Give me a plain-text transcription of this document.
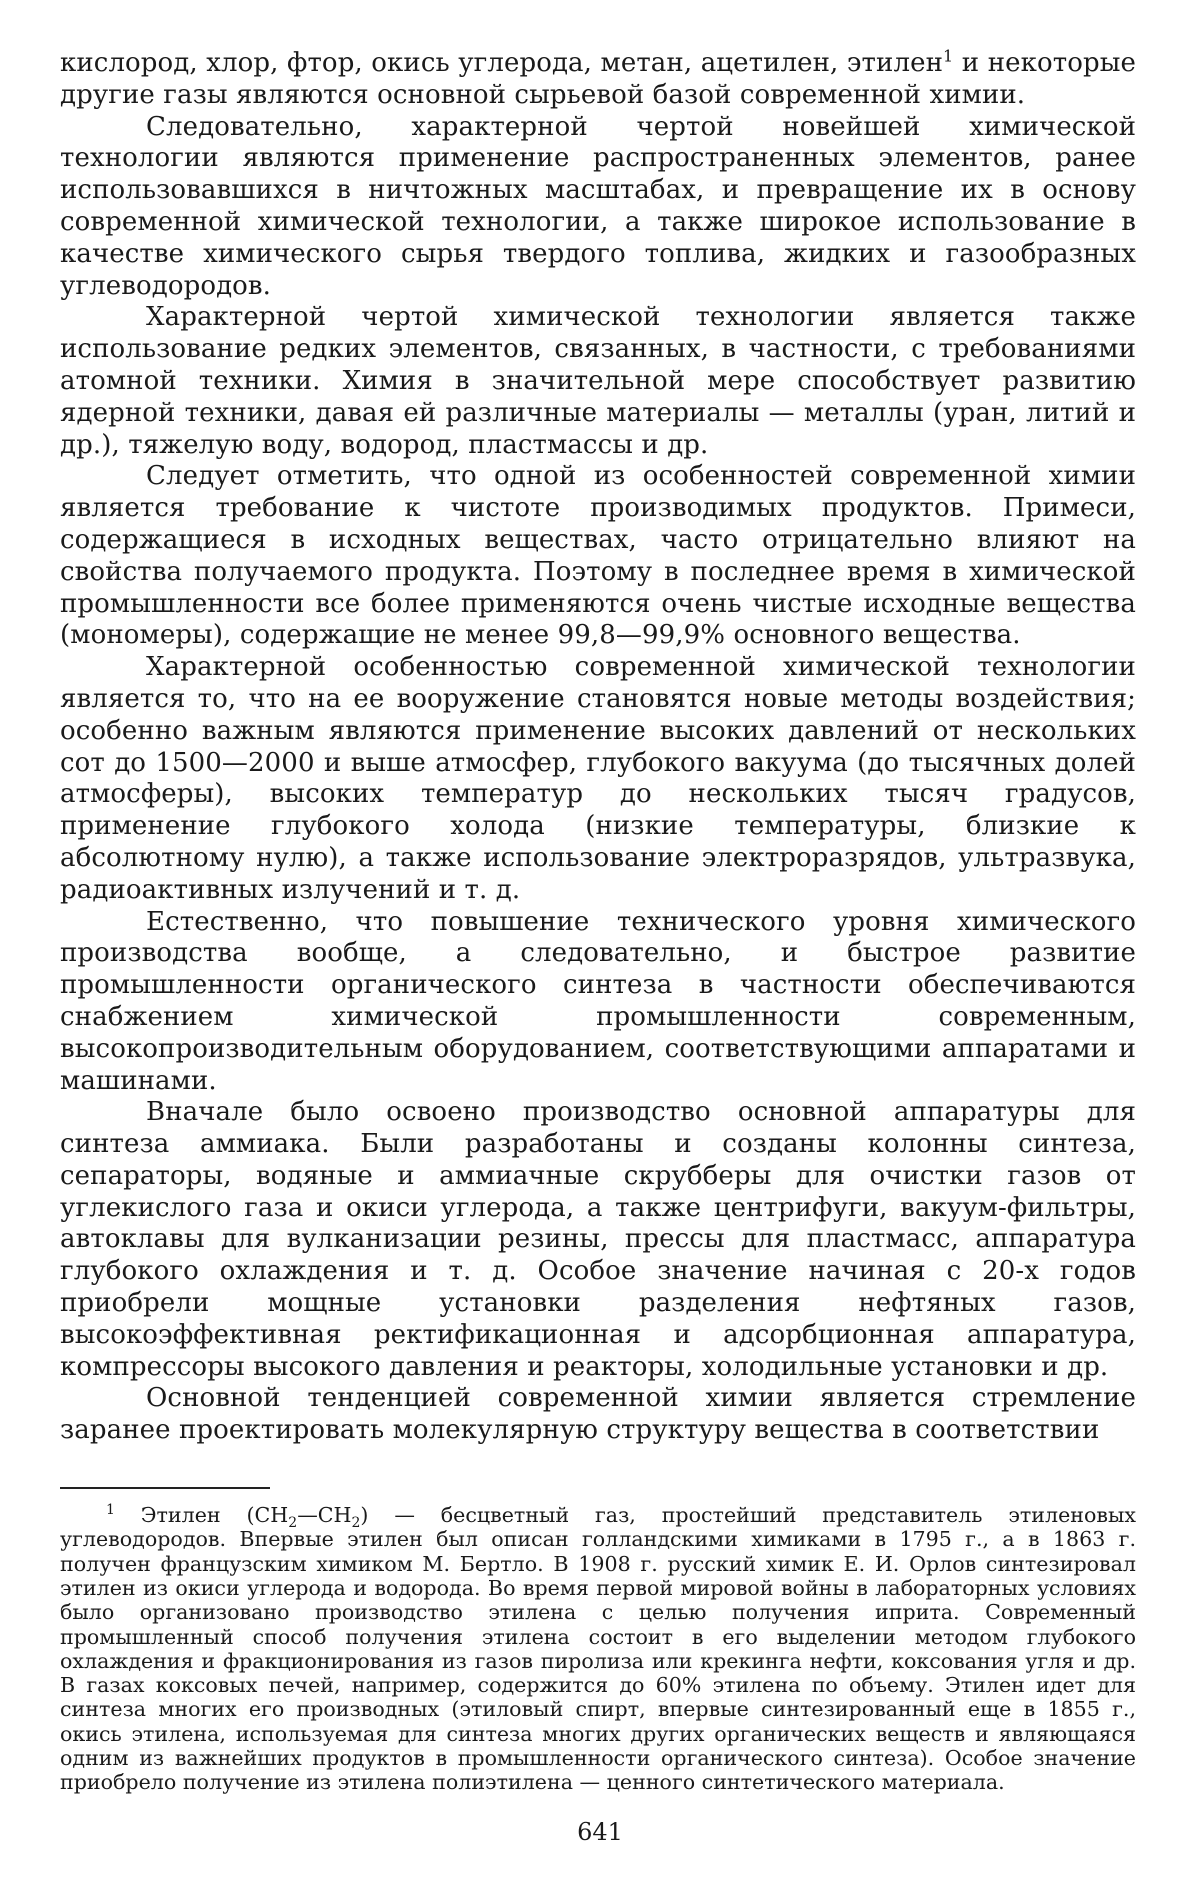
кислород, хлор, фтор, окись углерода, метан, ацетилен, этилен$^1$ и некоторые другие газы являются основной сырьевой базой современной химии.

Следовательно, характерной чертой новейшей химической технологии являются применение распространенных элементов, ранее использовавшихся в ничтожных масштабах, и превращение их в основу современной химической технологии, а также широкое использование в качестве химического сырья твердого топлива, жидких и газообразных углеводородов.

Характерной чертой химической технологии является также использование редких элементов, связанных, в частности, с требованиями атомной техники. Химия в значительной мере способствует развитию ядерной техники, давая ей различные материалы — металлы (уран, литий и др.), тяжелую воду, водород, пластмассы и др.

Следует отметить, что одной из особенностей современной химии является требование к чистоте производимых продуктов. Примеси, содержащиеся в исходных веществах, часто отрицательно влияют на свойства получаемого продукта. Поэтому в последнее время в химической промышленности все более применяются очень чистые исходные вещества (мономеры), содержащие не менее 99,8—99,9% основного вещества.

Характерной особенностью современной химической технологии является то, что на ее вооружение становятся новые методы воздействия; особенно важным являются применение высоких давлений от нескольких сот до 1500—2000 и выше атмосфер, глубокого вакуума (до тысячных долей атмосферы), высоких температур до нескольких тысяч градусов, применение глубокого холода (низкие температуры, близкие к абсолютному нулю), а также использование электроразрядов, ультразвука, радиоактивных излучений и т. д.

Естественно, что повышение технического уровня химического производства вообще, а следовательно, и быстрое развитие промышленности органического синтеза в частности обеспечиваются снабжением химической промышленности современным, высокопроизводительным оборудованием, соответствующими аппаратами и машинами.

Вначале было освоено производство основной аппаратуры для синтеза аммиака. Были разработаны и созданы колонны синтеза, сепараторы, водяные и аммиачные скрубберы для очистки газов от углекислого газа и окиси углерода, а также центрифуги, вакуум-фильтры, автоклавы для вулканизации резины, прессы для пластмасс, аппаратура глубокого охлаждения и т. д. Особое значение начиная с 20-х годов приобрели мощные установки разделения нефтяных газов, высокоэффективная ректификационная и адсорбционная аппаратура, компрессоры высокого давления и реакторы, холодильные установки и др.

Основной тенденцией современной химии является стремление заранее проектировать молекулярную структуру вещества в соответствии

$^1$ Этилен $(CH_2—CH_2)$ — бесцветный газ, простейший представитель этиленовых углеводородов. Впервые этилен был описан голландскими химиками в 1795 г., а в 1863 г. получен французским химиком М. Бертло. В 1908 г. русский химик Е. И. Орлов синтезировал этилен из окиси углерода и водорода. Во время первой мировой войны в лабораторных условиях было организовано производство этилена с целью получения иприта. Современный промышленный способ получения этилена состоит в его выделении методом глубокого охлаждения и фракционирования из газов пиролиза или крекинга нефти, коксования угля и др. В газах коксовых печей, например, содержится до 60% этилена по объему. Этилен идет для синтеза многих его производных (этиловый спирт, впервые синтезированный еще в 1855 г., окись этилена, используемая для синтеза многих других органических веществ и являющаяся одним из важнейших продуктов в промышленности органического синтеза). Особое значение приобрело получение из этилена полиэтилена — ценного синтетического материала.

641
